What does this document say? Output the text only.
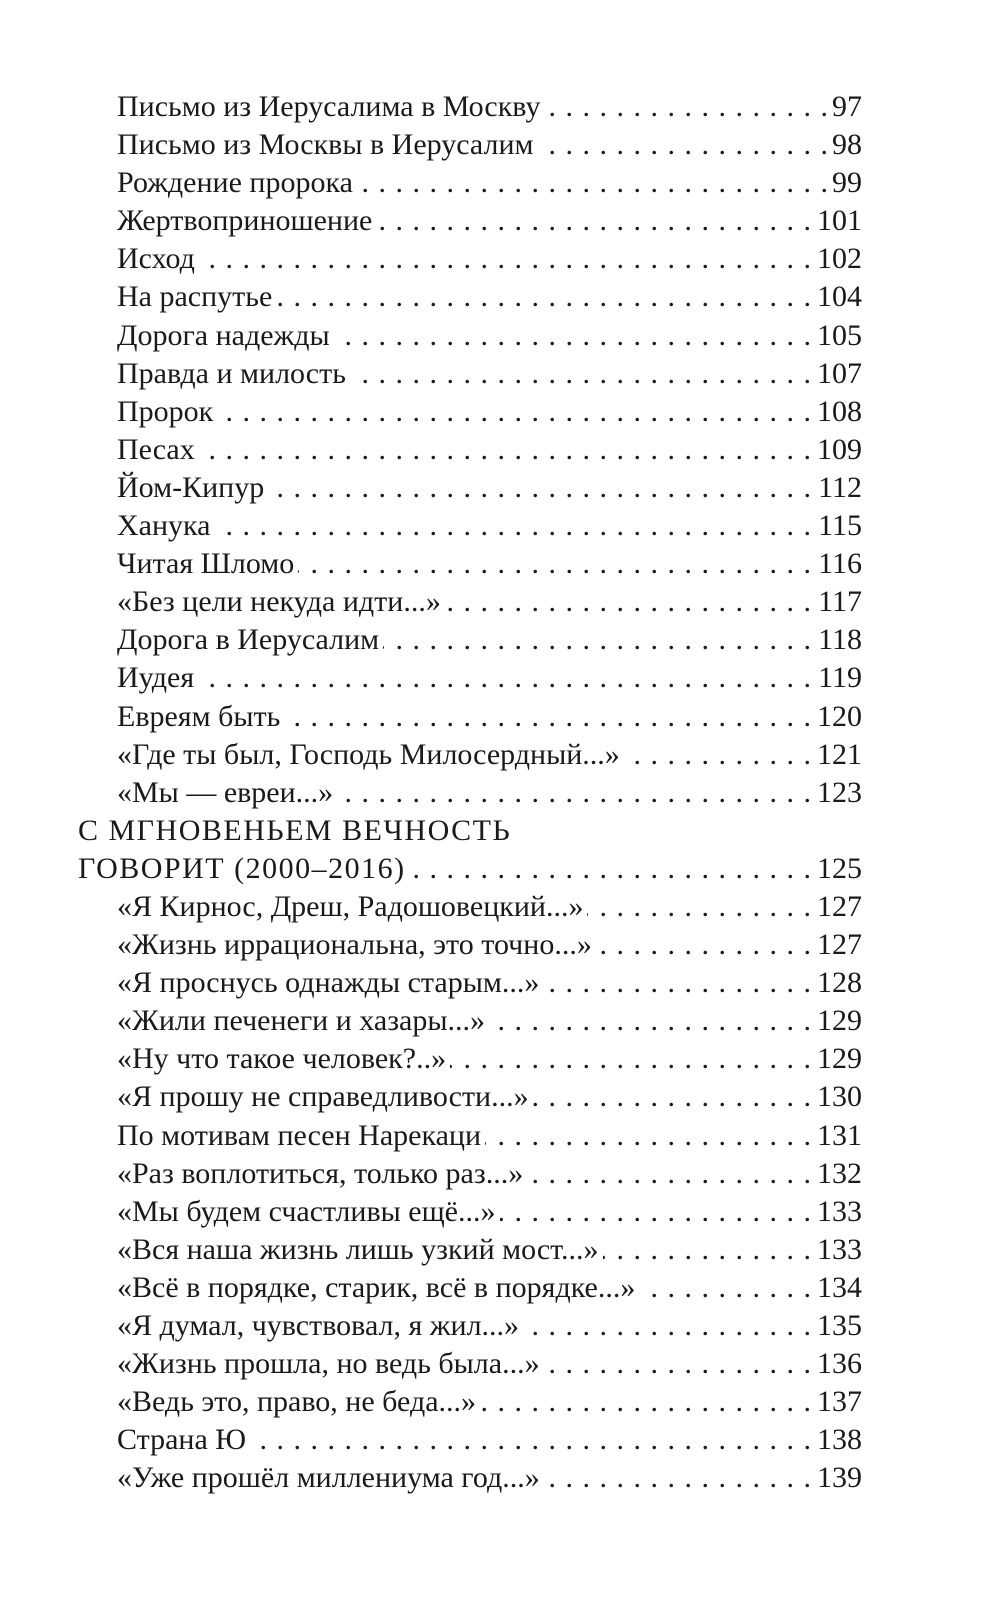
. . .
Письмо из Иерусалима в Москву	97
. . .
Письмо из Москвы в Иерусалим	98
. . .
Рождение пророка	99
. . .
Жертвоприношение	101
. . .
Исход	102
. . .
На распутье	104
. . .
Дорога надежды	105
. . .
Правда и милость	107
. . .
Пророк	108
. . .
Песах	109
. . .
Йом-Кипур	112
. . .
Ханука	115
. . .
Читая Шломо	116
. . .
«Без цели некуда идти...»	117
. . .
Дорога в Иерусалим	118
. . .
Иудея	119
. . .
Евреям быть	120
. . .
«Где ты был, Господь Милосердный...»	121
. . .
«Мы — евреи...»	123
С МГНОВЕНЬЕМ ВЕЧНОСТЬ
. . .
ГОВОРИТ (2000–2016)	125
. . .
«Я Кирнос, Дреш, Радошовецкий...»	127
. . .
«Жизнь иррациональна, это точно...»	127
. . .
«Я проснусь однажды старым...»	128
. . .
«Жили печенеги и хазары...»	129
. . .
«Ну что такое человек?..»	129
. . .
«Я прошу не справедливости...»	130
. . .
По мотивам песен Нарекаци	131
. . .
«Раз воплотиться, только раз...»	132
. . .
«Мы будем счастливы ещё...»	133
. . .
«Вся наша жизнь лишь узкий мост...»	133
. . .
«Всё в порядке, старик, всё в порядке...»	134
. . .
«Я думал, чувствовал, я жил...»	135
. . .
«Жизнь прошла, но ведь была...»	136
. . .
«Ведь это, право, не беда...»	137
. . .
Страна Ю	138
. . .
«Уже прошёл миллениума год...»	139
